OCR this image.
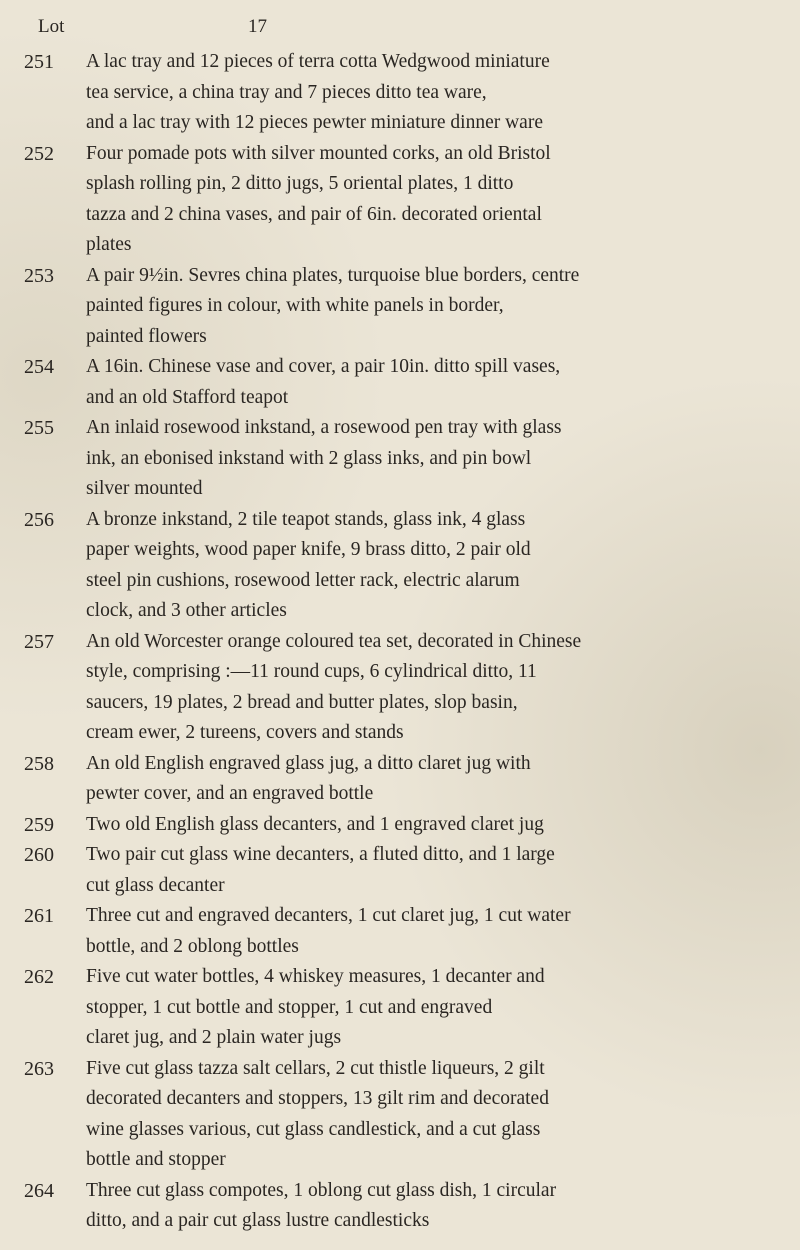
Lot	17
251	A lac tray and 12 pieces of terra cotta Wedgwood miniature
tea service, a china tray and 7 pieces ditto tea ware,
and a lac tray with 12 pieces pewter miniature dinner ware
252	Four pomade pots with silver mounted corks, an old Bristol
splash rolling pin, 2 ditto jugs, 5 oriental plates, 1 ditto
tazza and 2 china vases, and pair of 6in. decorated oriental
plates
253	A pair 9½in. Sevres china plates, turquoise blue borders, centre
painted figures in colour, with white panels in border,
painted flowers
254	A 16in. Chinese vase and cover, a pair 10in. ditto spill vases,
and an old Stafford teapot
255	An inlaid rosewood inkstand, a rosewood pen tray with glass
ink, an ebonised inkstand with 2 glass inks, and pin bowl
silver mounted
256	A bronze inkstand, 2 tile teapot stands, glass ink, 4 glass
paper weights, wood paper knife, 9 brass ditto, 2 pair old
steel pin cushions, rosewood letter rack, electric alarum
clock, and 3 other articles
257	An old Worcester orange coloured tea set, decorated in Chinese
style, comprising :—11 round cups, 6 cylindrical ditto, 11
saucers, 19 plates, 2 bread and butter plates, slop basin,
cream ewer, 2 tureens, covers and stands
258	An old English engraved glass jug, a ditto claret jug with
pewter cover, and an engraved bottle
259	Two old English glass decanters, and 1 engraved claret jug
260	Two pair cut glass wine decanters, a fluted ditto, and 1 large
cut glass decanter
261	Three cut and engraved decanters, 1 cut claret jug, 1 cut water
bottle, and 2 oblong bottles
262	Five cut water bottles, 4 whiskey measures, 1 decanter and
stopper, 1 cut bottle and stopper, 1 cut and engraved
claret jug, and 2 plain water jugs
263	Five cut glass tazza salt cellars, 2 cut thistle liqueurs, 2 gilt
decorated decanters and stoppers, 13 gilt rim and decorated
wine glasses various, cut glass candlestick, and a cut glass
bottle and stopper
264	Three cut glass compotes, 1 oblong cut glass dish, 1 circular
ditto, and a pair cut glass lustre candlesticks
